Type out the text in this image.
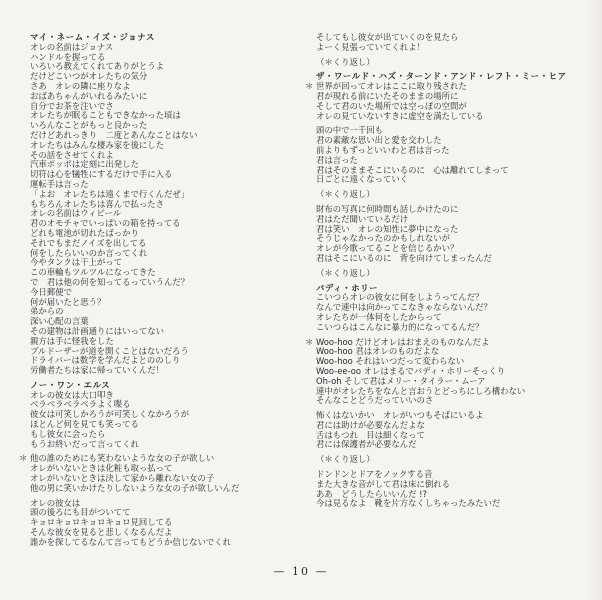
マイ・ネーム・イズ・ジョナス
オレの名前はジョナス
ハンドルを握ってる
いろいろ教えてくれてありがとうよ
だけどこいつがオレたちの気分
さあ　オレの隣に座りなよ
おばあちゃんがいれるみたいに
自分でお茶を注いでさ
オレたちが眠ることもできなかった頃は
いろんなことがもっと良かった
だけどあれっきり　二度とあんなことはない
オレたちはみんな棲み家を後にした
その話をさせてくれよ
汽車ポッポは定刻に出発した
切符は心を犠牲にするだけで手に入る
運転手は言った
「よお　オレたちは遠くまで行くんだぜ」
もちろんオレたちは喜んで払ったさ
オレの名前はウィビール
君のオモチャでいっぱいの箱を持ってる
どれも電池が切れたばっかり
それでもまだノイズを出してる
何をしたらいいのか言ってくれ
今やタンクは干上がって
この車輪もツルツルになってきた
で　君は他の何を知ってるっていうんだ？
今日郵便で
何が届いたと思う？
弟からの
深い心配の言葉
その建物は計画通りにはいってない
親方は手に怪我をした
ブルドーザーが道を開くことはないだろう
ドライバーは数学を学んだよとののしり
労働者たちは家に帰っていくんだ！
ノー・ワン・エルス
オレの彼女は大口叩き
ベラベラベラベラよく喋る
彼女は可笑しかろうが可笑しくなかろうが
ほとんど何を見ても笑ってる
もし彼女に会ったら
もうお終いだって言ってくれ
＊ 他の誰のためにも笑わないような女の子が欲しい
オレがいないときは化粧も取っ払って
オレがいないときは決して家から離れない女の子
他の男に笑いかけたりしないような女の子が欲しいんだ
オレの彼女は
頭の後ろにも目がついてて
キョロキョロキョロキョロ見回してる
そんな彼女を見ると悲しくなるんだよ
誰かを探してるなんて言ってもどうか信じないでくれ
そしてもし彼女が出ていくのを見たら
よーく見張っていてくれよ！
（＊くり返し）
ザ・ワールド・ハズ・ターンド・アンド・レフト・ミー・ヒア
＊ 世界が回ってオレはここに取り残された
君が現れる前にいたそのままの場所に
そして君のいた場所では空っぽの空間が
オレの見ていないすきに虚空を満たしている
頭の中で一千回も
君の素敵な思い出と愛を交わした
前よりもずっといいわと君は言った
君は言った
君はそのままそこにいるのに　心は離れてしまって
日ごとに遠くなっていく
（＊くり返し）
財布の写真に何時間も話しかけたのに
君はただ聞いているだけ
君は笑い　オレの知性に夢中になった
そうじゃなかったのかもしれないが
オレが今歌ってることを信じるかい？
君はそこにいるのに　背を向けてしまったんだ
（＊くり返し）
バディ・ホリー
こいつらオレの彼女に何をしようってんだ？
なんで連中は向かってこなきゃならないんだ？
オレたちが一体何をしたからって
こいつらはこんなに暴力的になってるんだ？
＊ Woo-hoo だけどオレはおまえのものなんだよ
Woo-hoo 君はオレのものだよな
Woo-hoo それはいつだって変わらない
Woo-ee-oo オレはまるでバディ・ホリーそっくり
Oh-oh そして君はメリー・タイラー・ムーア
連中がオレたちをなんと言おうとどっちにしろ構わない
そんなことどうだっていいのさ
怖くはないかい　オレがいつもそばにいるよ
君には助けが必要なんだよな
舌はもつれ　目は細くなって
君には保護者が必要なんだ
（＊くり返し）
ドンドンとドアをノックする音
また大きな音がして君は床に倒れる
ああ　どうしたらいいんだ !?
今は見るなよ　靴を片方なくしちゃったみたいだ
— 10 —
